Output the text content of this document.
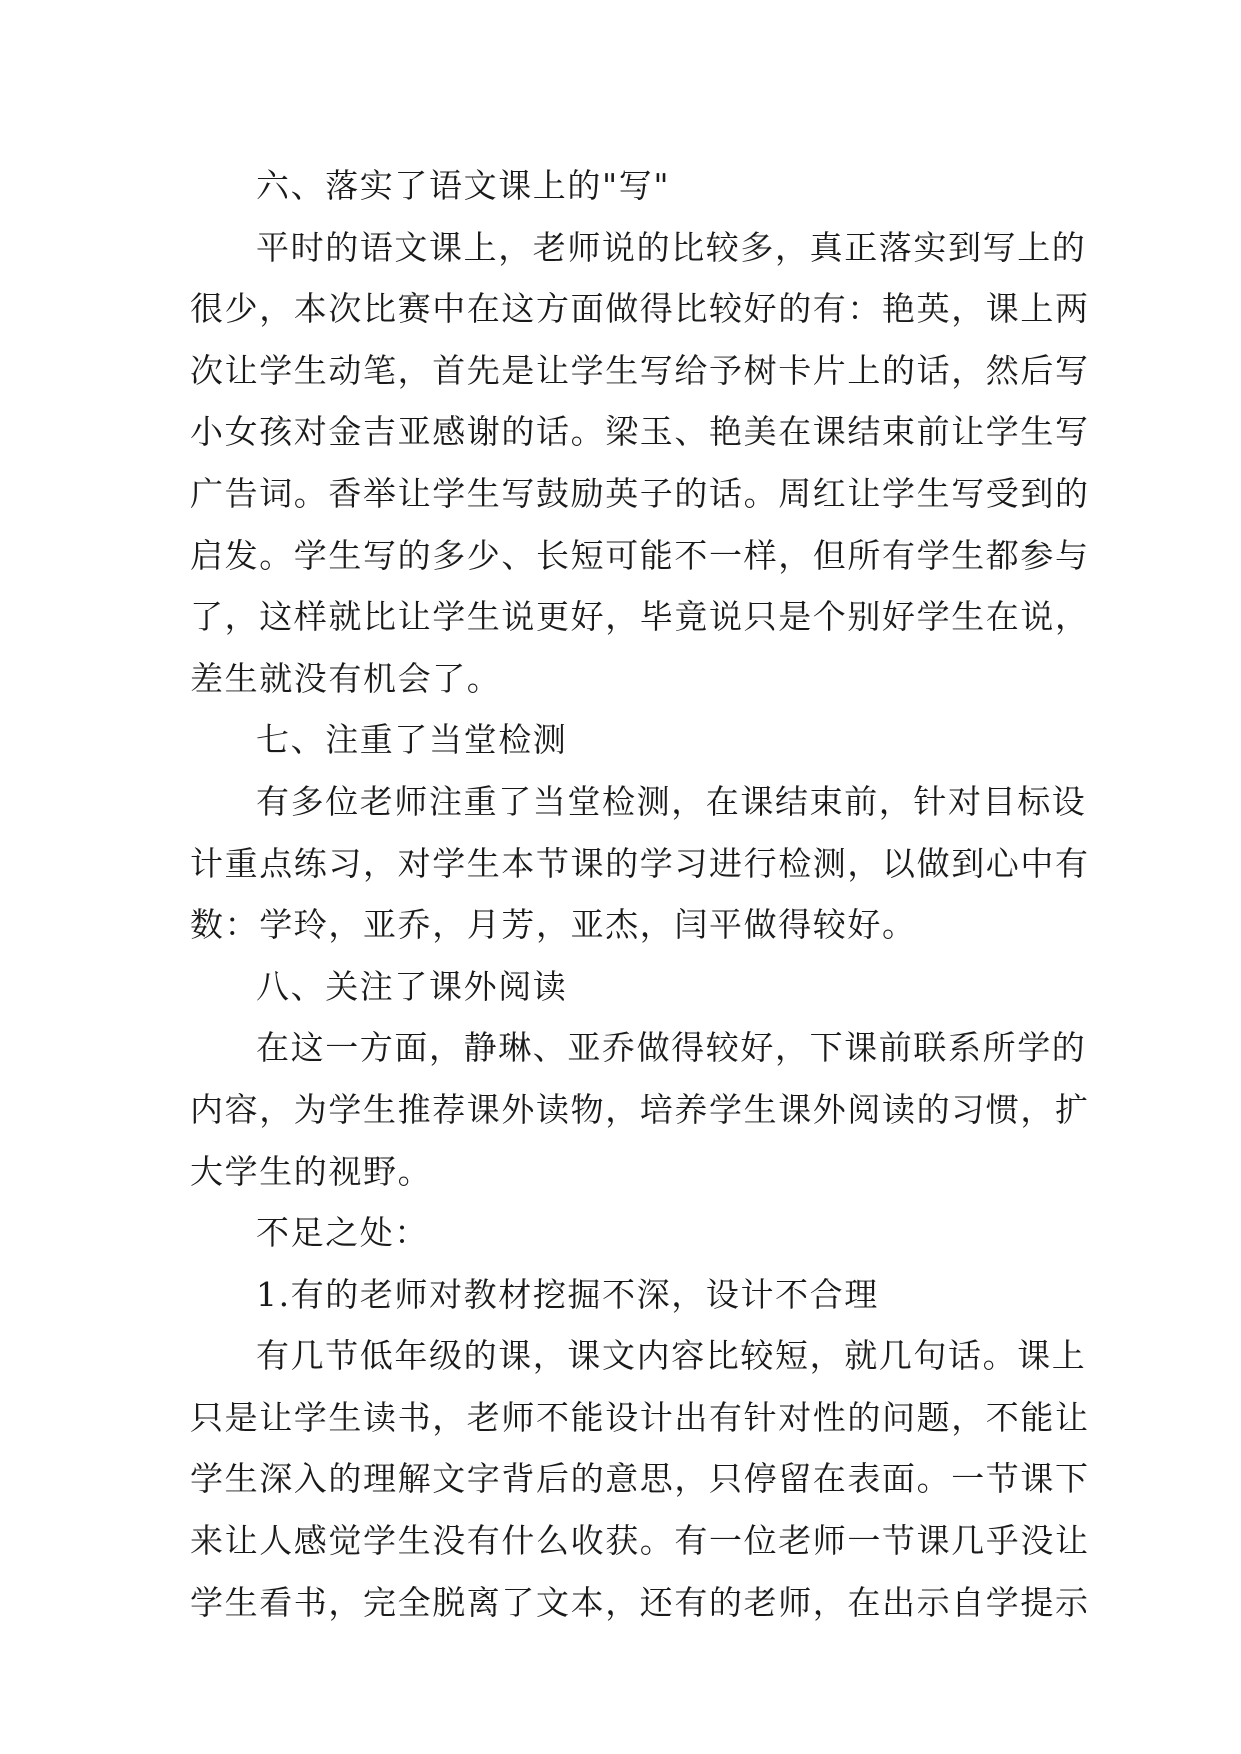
六、落实了语文课上的"写"
平时的语文课上，老师说的比较多，真正落实到写上的
很少，本次比赛中在这方面做得比较好的有：艳英，课上两
次让学生动笔，首先是让学生写给予树卡片上的话，然后写
小女孩对金吉亚感谢的话。梁玉、艳美在课结束前让学生写
广告词。香举让学生写鼓励英子的话。周红让学生写受到的
启发。学生写的多少、长短可能不一样，但所有学生都参与
了，这样就比让学生说更好，毕竟说只是个别好学生在说，
差生就没有机会了。
七、注重了当堂检测
有多位老师注重了当堂检测，在课结束前，针对目标设
计重点练习，对学生本节课的学习进行检测，以做到心中有
数：学玲，亚乔，月芳，亚杰，闫平做得较好。
八、关注了课外阅读
在这一方面，静琳、亚乔做得较好，下课前联系所学的
内容，为学生推荐课外读物，培养学生课外阅读的习惯，扩
大学生的视野。
不足之处：
1.有的老师对教材挖掘不深，设计不合理
有几节低年级的课，课文内容比较短，就几句话。课上
只是让学生读书，老师不能设计出有针对性的问题，不能让
学生深入的理解文字背后的意思，只停留在表面。一节课下
来让人感觉学生没有什么收获。有一位老师一节课几乎没让
学生看书，完全脱离了文本，还有的老师，在出示自学提示
